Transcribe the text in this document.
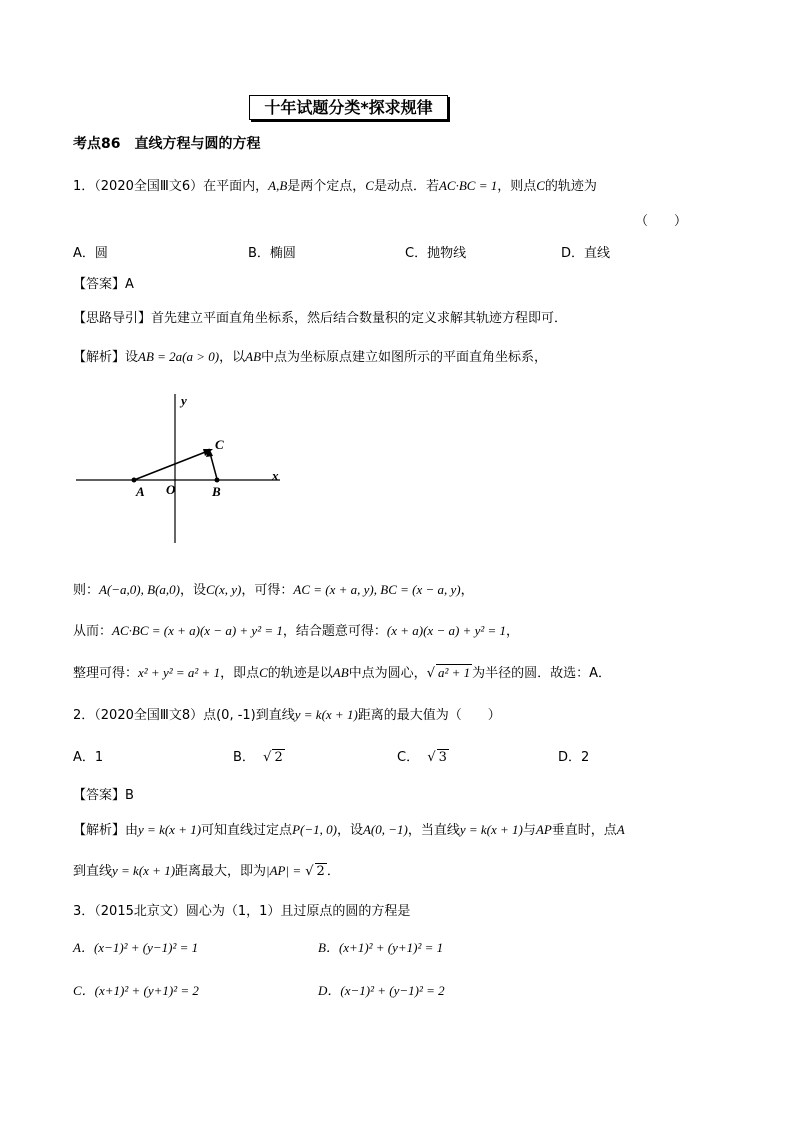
十年试题分类*探求规律
考点86　直线方程与圆的方程
1．（2020全国Ⅲ文6）在平面内，A,B是两个定点，C是动点．若AC·BC = 1，则点C的轨迹为
（　　）
A．圆	B．椭圆	C．抛物线	D．直线
【答案】A
【思路导引】首先建立平面直角坐标系，然后结合数量积的定义求解其轨迹方程即可．
【解析】设AB = 2a(a > 0)，以AB中点为坐标原点建立如图所示的平面直角坐标系，
y
x
A O	B
C
则：A(−a,0), B(a,0)，设C(x, y)，可得：AC = (x + a, y), BC = (x − a, y)，
从而：AC·BC = (x + a)(x − a) + y² = 1，结合题意可得：(x + a)(x − a) + y² = 1，
整理可得：x² + y² = a² + 1，即点C的轨迹是以AB中点为圆心，√ a² + 1 为半径的圆．故选：A．
2．（2020全国Ⅲ文8）点(0, -1)到直线y = k(x + 1)距离的最大值为（　　）
A．1	B．  √ 2	C．  √ 3	D．2
【答案】B
【解析】由y = k(x + 1)可知直线过定点P(−1, 0)，设A(0, −1)，当直线y = k(x + 1)与AP垂直时，点A
到直线y = k(x + 1)距离最大，即为|AP| = √ 2 ．
3．（2015北京文）圆心为（1，1）且过原点的圆的方程是
A．(x−1)² + (y−1)² = 1	B．(x+1)² + (y+1)² = 1
C．(x+1)² + (y+1)² = 2	D．(x−1)² + (y−1)² = 2
